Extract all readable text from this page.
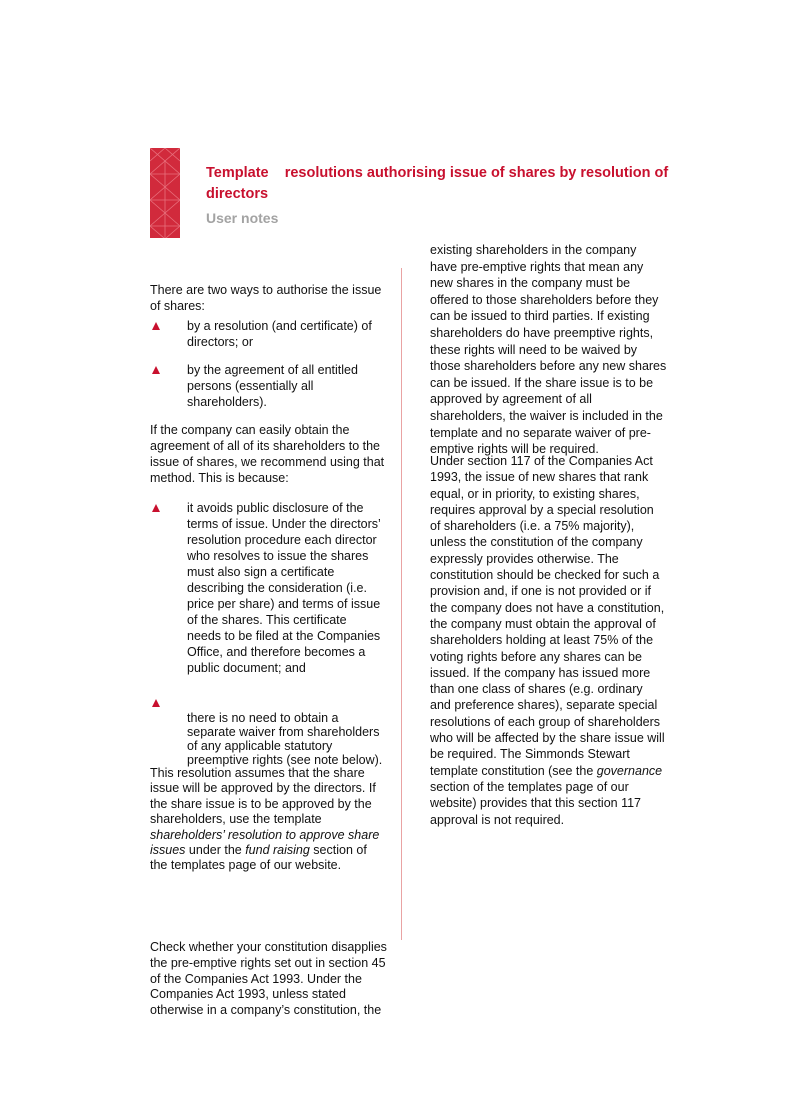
Template    resolutions authorising issue of shares by resolution of
directors
User notes
There are two ways to authorise the issue
of shares:
by a resolution (and certificate) of
directors; or
by the agreement of all entitled
persons (essentially all
shareholders).
If the company can easily obtain the
agreement of all of its shareholders to the
issue of shares, we recommend using that
method. This is because:
it avoids public disclosure of the
terms of issue. Under the directors’
resolution procedure each director
who resolves to issue the shares
must also sign a certificate
describing the consideration (i.e.
price per share) and terms of issue
of the shares. This certificate
needs to be filed at the Companies
Office, and therefore becomes a
public document; and
there is no need to obtain a
separate waiver from shareholders
of any applicable statutory
preemptive rights (see note below).
This resolution assumes that the share
issue will be approved by the directors. If
the share issue is to be approved by the
shareholders, use the template
shareholders’ resolution to approve share
issues under the fund raising section of
the templates page of our website.
Check whether your constitution disapplies
the pre-emptive rights set out in section 45
of the Companies Act 1993. Under the
Companies Act 1993, unless stated
otherwise in a company’s constitution, the
existing shareholders in the company
have pre-emptive rights that mean any
new shares in the company must be
offered to those shareholders before they
can be issued to third parties. If existing
shareholders do have preemptive rights,
these rights will need to be waived by
those shareholders before any new shares
can be issued. If the share issue is to be
approved by agreement of all
shareholders, the waiver is included in the
template and no separate waiver of pre-
emptive rights will be required.
Under section 117 of the Companies Act
1993, the issue of new shares that rank
equal, or in priority, to existing shares,
requires approval by a special resolution
of shareholders (i.e. a 75% majority),
unless the constitution of the company
expressly provides otherwise. The
constitution should be checked for such a
provision and, if one is not provided or if
the company does not have a constitution,
the company must obtain the approval of
shareholders holding at least 75% of the
voting rights before any shares can be
issued. If the company has issued more
than one class of shares (e.g. ordinary
and preference shares), separate special
resolutions of each group of shareholders
who will be affected by the share issue will
be required. The Simmonds Stewart
template constitution (see the governance
section of the templates page of our
website) provides that this section 117
approval is not required.
